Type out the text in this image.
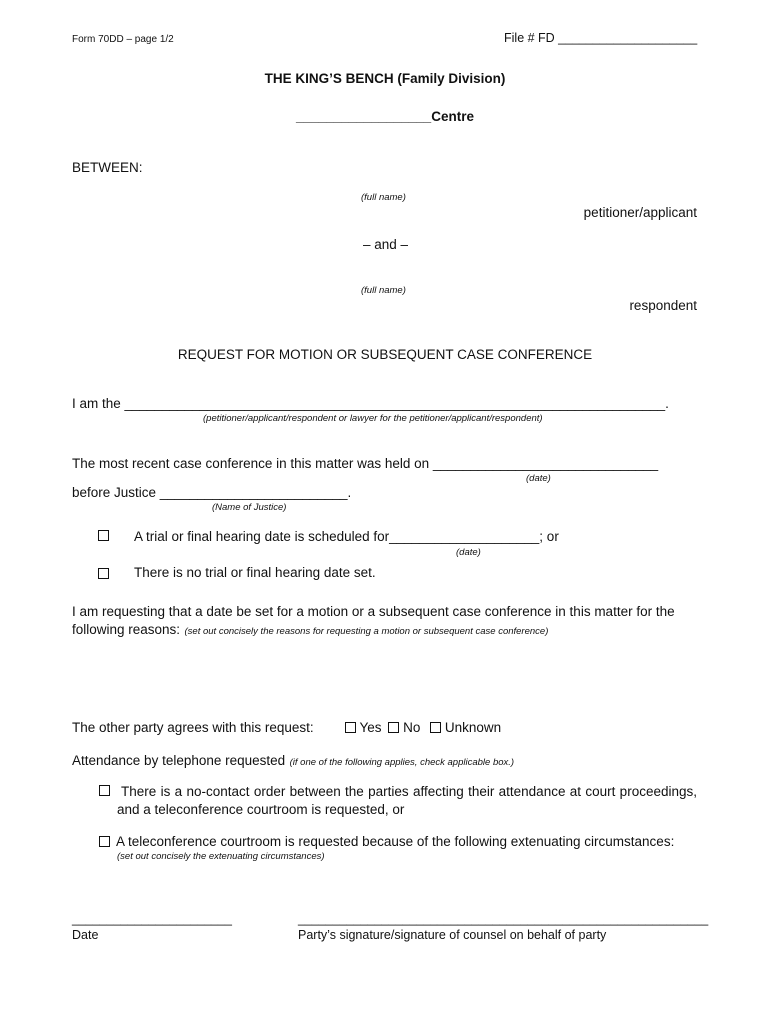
Form 70DD – page 1/2	File # FD ____________________
THE KING’S BENCH (Family Division)
__________________Centre
BETWEEN:
(full name)
petitioner/applicant
– and –
(full name)
respondent
REQUEST FOR MOTION OR SUBSEQUENT CASE CONFERENCE
I am the ________________________________________________________________________.
(petitioner/applicant/respondent or lawyer for the petitioner/applicant/respondent)
The most recent case conference in this matter was held on ______________________________
(date)
before Justice _________________________.
(Name of Justice)
A trial or final hearing date is scheduled for____________________; or
(date)
There is no trial or final hearing date set.
I am requesting that a date be set for a motion or a subsequent case conference in this matter for the
following reasons: (set out concisely the reasons for requesting a motion or subsequent case conference)
The other party agrees with this request:	Yes No Unknown
Attendance by telephone requested (if one of the following applies, check applicable box.)
There is a no-contact order between the parties affecting their attendance at court proceedings, and a teleconference courtroom is requested, or
A teleconference courtroom is requested because of the following extenuating circumstances:
(set out concisely the extenuating circumstances)
_______________________
Date
___________________________________________________________
Party’s signature/signature of counsel on behalf of party
